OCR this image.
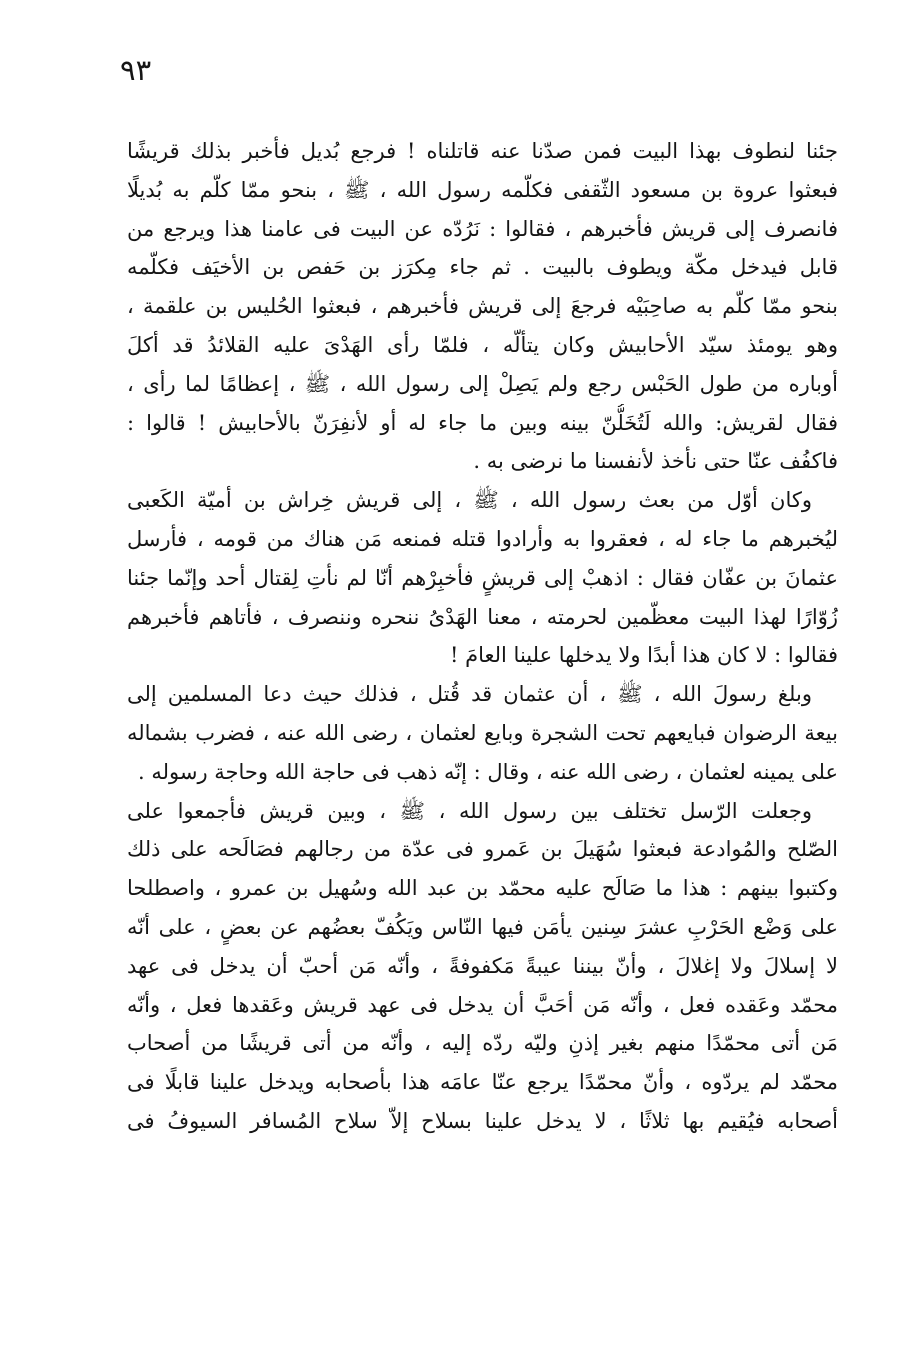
٩٣
جئنا لنطوف بهذا البيت فمن صدّنا عنه قاتلناه ! فرجع بُديل فأخبر بذلك قريشًا
فبعثوا عروة بن مسعود الثّقفى فكلّمه رسول الله ، ﷺ ، بنحو ممّا كلّم به بُديلًا
فانصرف إلى قريش فأخبرهم ، فقالوا : نَرُدّه عن البيت فى عامنا هذا ويرجع من
قابل فيدخل مكّة ويطوف بالبيت . ثم جاء مِكرَز بن حَفص بن الأخيَف فكلّمه
بنحو ممّا كلّم به صاحِبَيْه فرجعَ إلى قريش فأخبرهم ، فبعثوا الحُليس بن علقمة ،
وهو يومئذ سيّد الأحابيش وكان يتألّه ، فلمّا رأى الهَدْىَ عليه القلائدُ قد أكلَ
أوباره من طول الحَبْس رجع ولم يَصِلْ إلى رسول الله ، ﷺ ، إعظامًا لما رأى ،
فقال لقريش: والله لَتُخَلُّنّ بينه وبين ما جاء له أو لأنفِرَنّ بالأحابيش ! قالوا :
فاكفُف عنّا حتى نأخذ لأنفسنا ما نرضى به .
وكان أوّل من بعث رسول الله ، ﷺ ، إلى قريش خِراش بن أميّة الكَعبى
ليُخبرهم ما جاء له ، فعقروا به وأرادوا قتله فمنعه مَن هناك من قومه ، فأرسل
عثمانَ بن عفّان فقال : اذهبْ إلى قريشٍ فأخبِرْهم أنّا لم نأتِ لِقتال أحد وإنّما جئنا
زُوّارًا لهذا البيت معظّمين لحرمته ، معنا الهَدْىُ ننحره وننصرف ، فأتاهم فأخبرهم
فقالوا : لا كان هذا أبدًا ولا يدخلها علينا العامَ !
وبلغ رسولَ الله ، ﷺ ، أن عثمان قد قُتل ، فذلك حيث دعا المسلمين إلى
بيعة الرضوان فبايعهم تحت الشجرة وبايع لعثمان ، رضى الله عنه ، فضرب بشماله
على يمينه لعثمان ، رضى الله عنه ، وقال : إنّه ذهب فى حاجة الله وحاجة رسوله .
وجعلت الرّسل تختلف بين رسول الله ، ﷺ ، وبين قريش فأجمعوا على
الصّلح والمُوادعة فبعثوا سُهَيلَ بن عَمرو فى عدّة من رجالهم فصَالَحه على ذلك
وكتبوا بينهم : هذا ما صَالَح عليه محمّد بن عبد الله وسُهيل بن عمرو ، واصطلحا
على وَضْع الحَرْبِ عشرَ سِنين يأمَن فيها النّاس ويَكُفّ بعضُهم عن بعضٍ ، على أنّه
لا إسلالَ ولا إغلالَ ، وأنّ بيننا عيبةً مَكفوفةً ، وأنّه مَن أحبّ أن يدخل فى عهد
محمّد وعَقده فعل ، وأنّه مَن أحَبَّ أن يدخل فى عهد قريش وعَقدها فعل ، وأنّه
مَن أتى محمّدًا منهم بغير إذنِ وليّه ردّه إليه ، وأنّه من أتى قريشًا من أصحاب
محمّد لم يردّوه ، وأنّ محمّدًا يرجع عنّا عامَه هذا بأصحابه ويدخل علينا قابلًا فى
أصحابه فيُقيم بها ثلاثًا ، لا يدخل علينا بسلاح إلاّ سلاح المُسافر السيوفُ فى
